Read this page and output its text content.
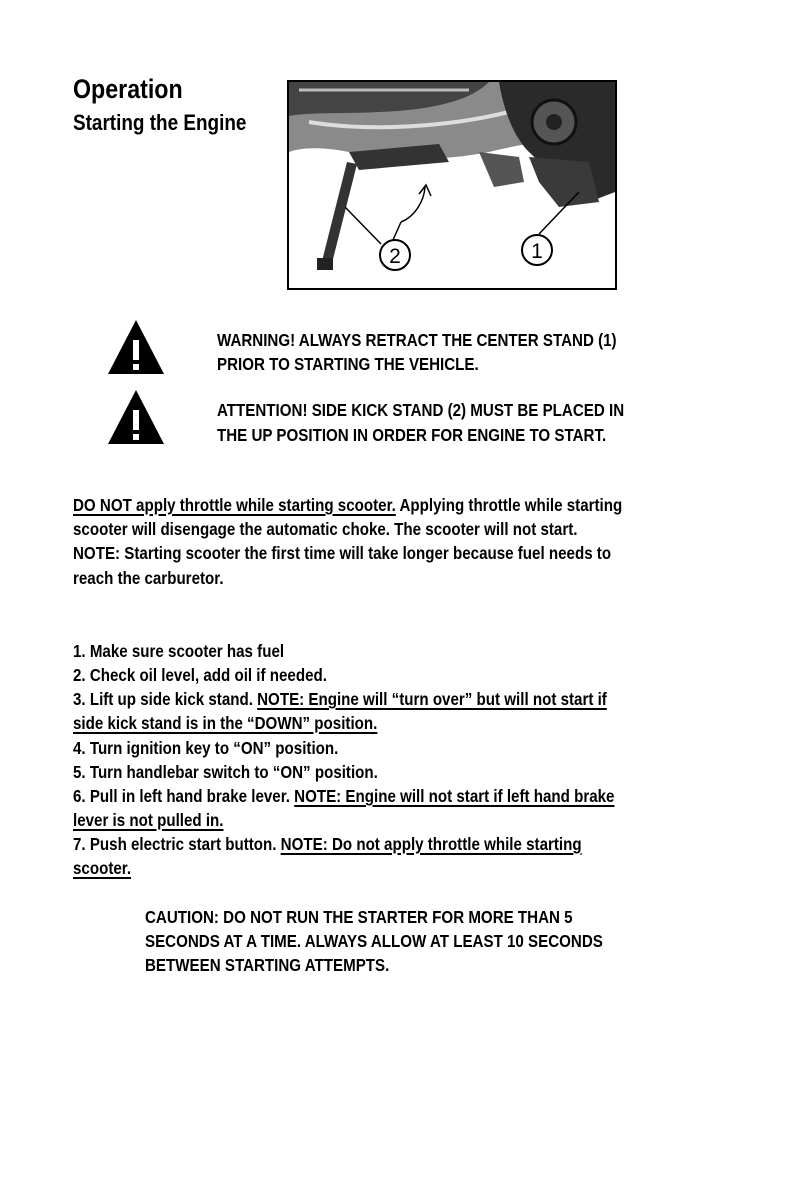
Operation
Starting the Engine
2	1
WARNING! ALWAYS RETRACT THE CENTER STAND (1)
PRIOR TO STARTING THE VEHICLE.
ATTENTION! SIDE KICK STAND (2) MUST BE PLACED IN
THE UP POSITION IN ORDER FOR ENGINE TO START.
DO NOT apply throttle while starting scooter. Applying throttle while starting
scooter will disengage the automatic choke. The scooter will not start.
NOTE: Starting scooter the first time will take longer because fuel needs to
reach the carburetor.
1. Make sure scooter has fuel
2. Check oil level, add oil if needed.
3. Lift up side kick stand. NOTE: Engine will “turn over” but will not start if
side kick stand is in the “DOWN” position.
4. Turn ignition key to “ON” position.
5. Turn handlebar switch to “ON” position.
6. Pull in left hand brake lever. NOTE: Engine will not start if left hand brake
lever is not pulled in.
7. Push electric start button. NOTE: Do not apply throttle while starting
scooter.
CAUTION: DO NOT RUN THE STARTER FOR MORE THAN 5
SECONDS AT A TIME. ALWAYS ALLOW AT LEAST 10 SECONDS
BETWEEN STARTING ATTEMPTS.
